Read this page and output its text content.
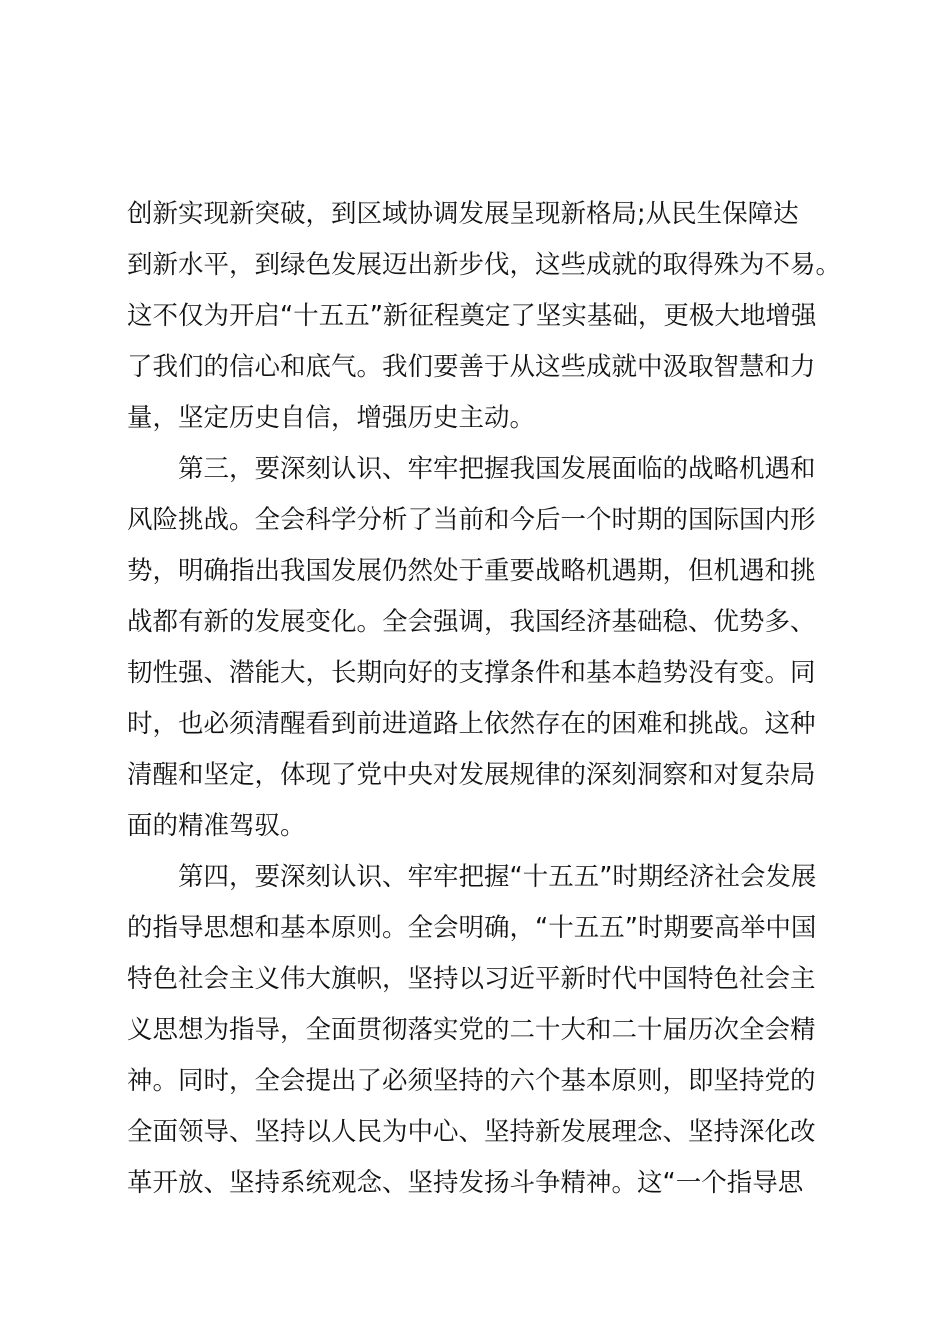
创新实现新突破，到区域协调发展呈现新格局;从民生保障达
到新水平，到绿色发展迈出新步伐，这些成就的取得殊为不易。
这不仅为开启“十五五”新征程奠定了坚实基础，更极大地增强
了我们的信心和底气。我们要善于从这些成就中汲取智慧和力
量，坚定历史自信，增强历史主动。
第三，要深刻认识、牢牢把握我国发展面临的战略机遇和
风险挑战。全会科学分析了当前和今后一个时期的国际国内形
势，明确指出我国发展仍然处于重要战略机遇期，但机遇和挑
战都有新的发展变化。全会强调，我国经济基础稳、优势多、
韧性强、潜能大，长期向好的支撑条件和基本趋势没有变。同
时，也必须清醒看到前进道路上依然存在的困难和挑战。这种
清醒和坚定，体现了党中央对发展规律的深刻洞察和对复杂局
面的精准驾驭。
第四，要深刻认识、牢牢把握“十五五”时期经济社会发展
的指导思想和基本原则。全会明确，“十五五”时期要高举中国
特色社会主义伟大旗帜，坚持以习近平新时代中国特色社会主
义思想为指导，全面贯彻落实党的二十大和二十届历次全会精
神。同时，全会提出了必须坚持的六个基本原则，即坚持党的
全面领导、坚持以人民为中心、坚持新发展理念、坚持深化改
革开放、坚持系统观念、坚持发扬斗争精神。这“一个指导思
